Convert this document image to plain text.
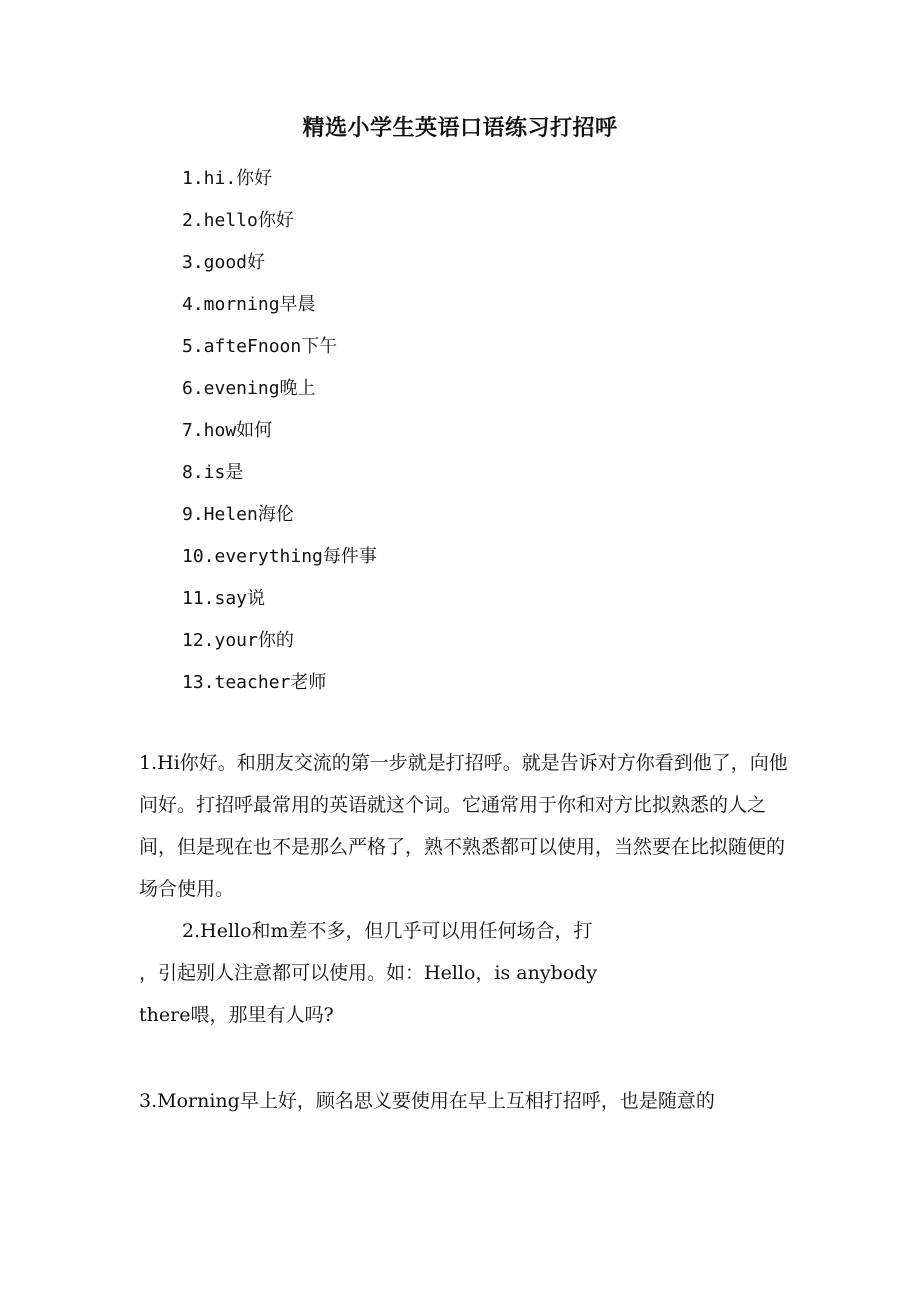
精选小学生英语口语练习打招呼
1.hi.你好
2.hello你好
3.good好
4.morning早晨
5.afteFnoon下午
6.evening晚上
7.how如何
8.is是
9.Helen海伦
10.everything每件事
11.say说
12.your你的
13.teacher老师

1.Hi你好。和朋友交流的第一步就是打招呼。就是告诉对方你看到他了，向他问好。打招呼最常用的英语就这个词。它通常用于你和对方比拟熟悉的人之间，但是现在也不是那么严格了，熟不熟悉都可以使用，当然要在比拟随便的场合使用。

2.Hello和m差不多，但几乎可以用任何场合，打

，引起别人注意都可以使用。如：Hello，is anybody

there喂，那里有人吗?

3.Morning早上好，顾名思义要使用在早上互相打招呼，也是随意的
